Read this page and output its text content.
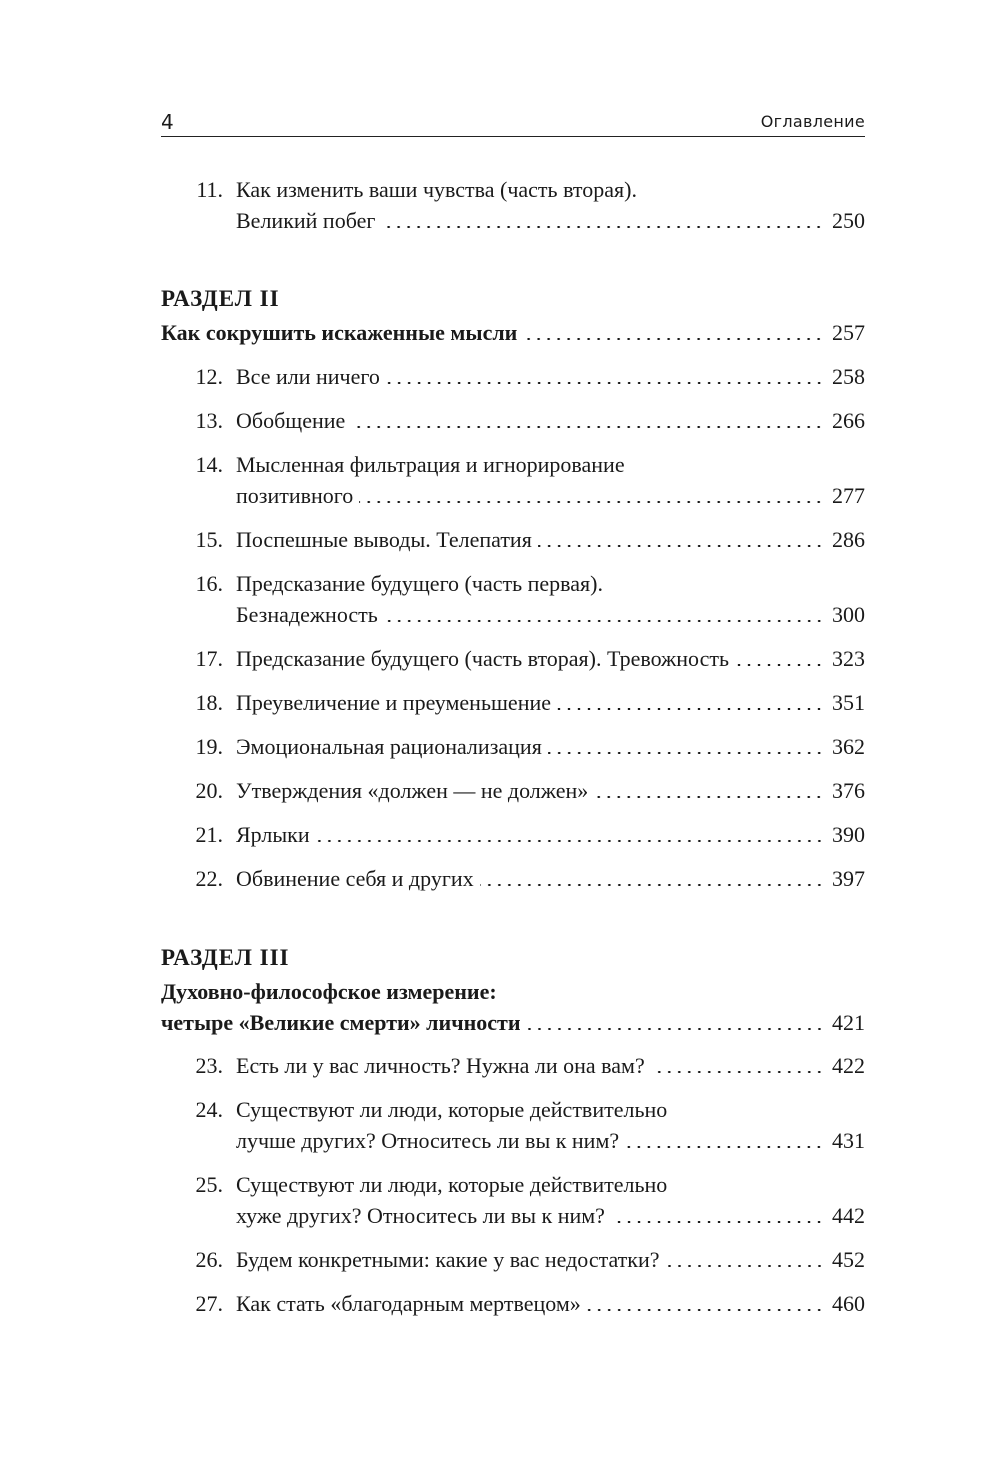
4	Оглавление
11. Как изменить ваши чувства (часть вторая).
Великий побег	250
РАЗДЕЛ II
Как сокрушить искаженные мысли	257
12. Все или ничего	258
13. Обобщение	266
14. Мысленная фильтрация и игнорирование
позитивного	277
15. Поспешные выводы. Телепатия	286
16. Предсказание будущего (часть первая).
Безнадежность	300
17. Предсказание будущего (часть вторая). Тревожность	323
18. Преувеличение и преуменьшение	351
19. Эмоциональная рационализация	362
20. Утверждения «должен — не должен»	376
21. Ярлыки	390
22. Обвинение себя и других	397
РАЗДЕЛ III
Духовно-философское измерение:
четыре «Великие смерти» личности	421
23. Есть ли у вас личность? Нужна ли она вам?	422
24. Существуют ли люди, которые действительно
лучше других? Относитесь ли вы к ним?	431
25. Существуют ли люди, которые действительно
хуже других? Относитесь ли вы к ним?	442
26. Будем конкретными: какие у вас недостатки?	452
27. Как стать «благодарным мертвецом»	460
